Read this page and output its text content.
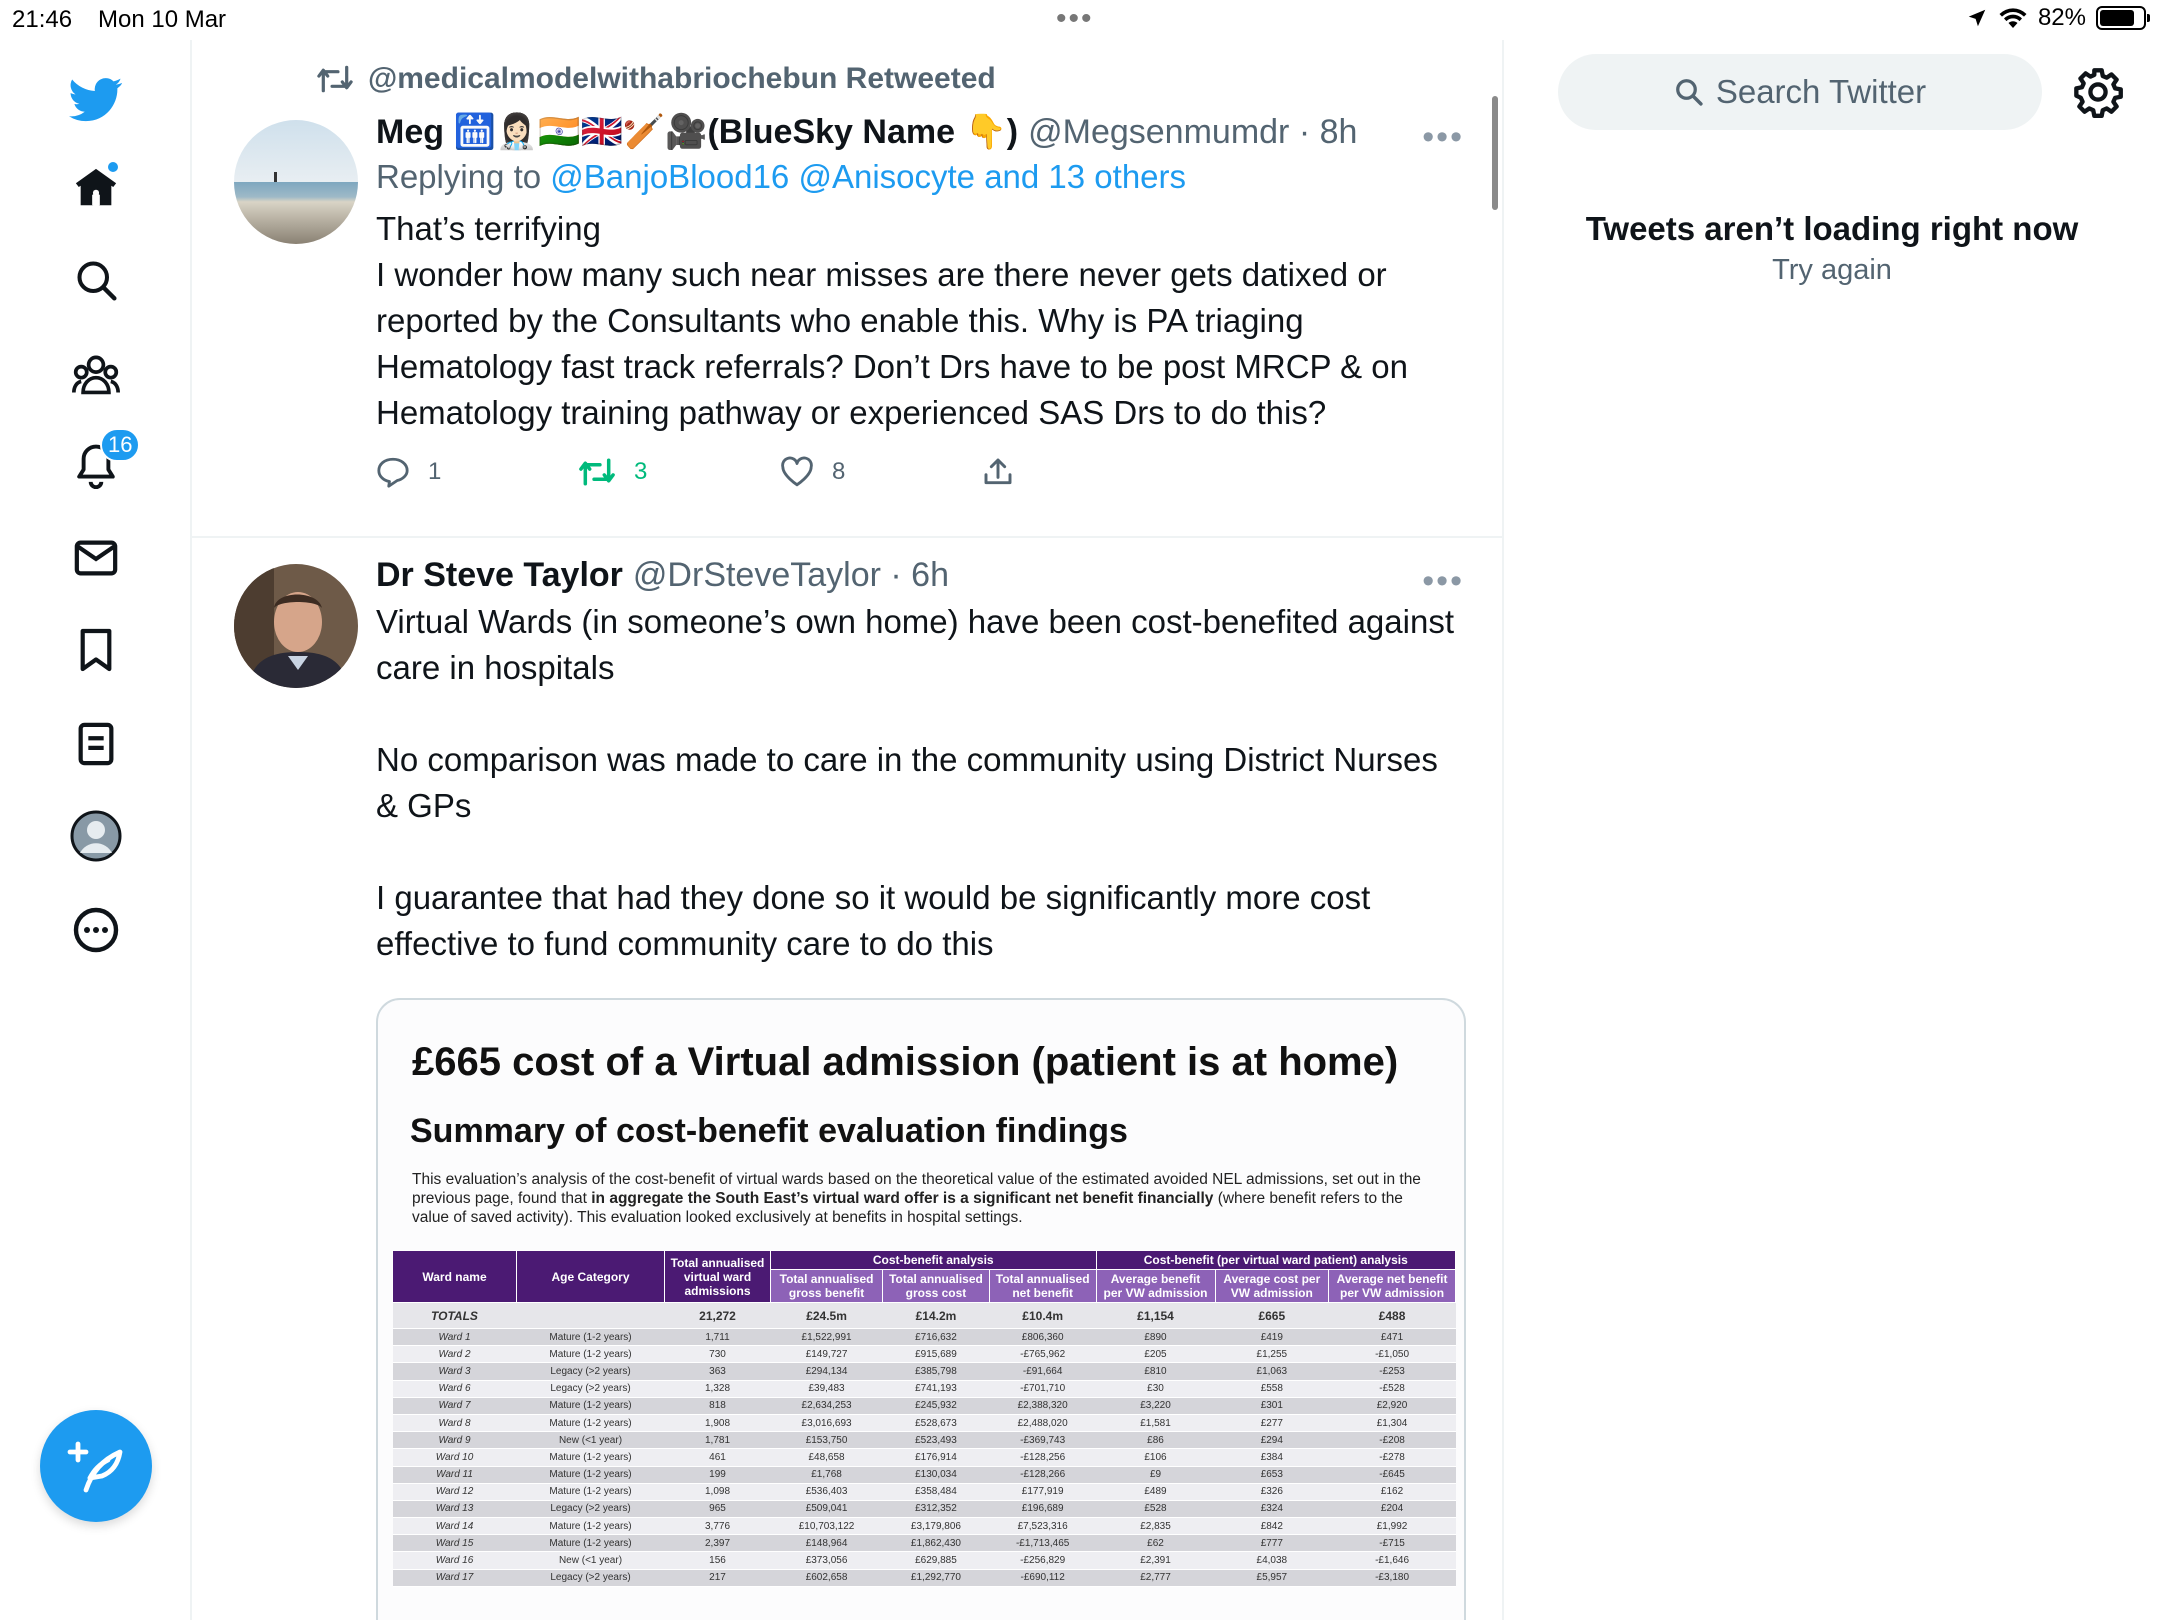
21:46 Mon 10 Mar	•••	82%
16
@medicalmodelwithabriochebun Retweeted
Meg 🛗👩🏻‍⚕️🇮🇳🇬🇧🏏🎥(BlueSky Name 👇) @Megsenmumdr · 8h
Replying to @BanjoBlood16 @Anisocyte and 13 others
That’s terrifying
I wonder how many such near misses are there never gets datixed or reported by the Consultants who enable this. Why is PA triaging Hematology fast track referrals? Don’t Drs have to be post MRCP & on Hematology training pathway or experienced SAS Drs to do this?
1	3	8
•••
Dr Steve Taylor @DrSteveTaylor · 6h
Virtual Wards (in someone’s own home) have been cost-benefited against care in hospitals

No comparison was made to care in the community using District Nurses & GPs

I guarantee that had they done so it would be significantly more cost effective to fund community care to do this
•••
£665 cost of a Virtual admission (patient is at home)
Summary of cost-benefit evaluation findings

This evaluation’s analysis of the cost-benefit of virtual wards based on the theoretical value of the estimated avoided NEL admissions, set out in the previous page, found that in aggregate the South East’s virtual ward offer is a significant net benefit financially (where benefit refers to the value of saved activity). This evaluation looked exclusively at benefits in hospital settings.

Ward name	Age Category	Total annualised virtual ward admissions	Cost-benefit analysis			Cost-benefit (per virtual ward patient) analysis		
			Total annualised gross benefit	Total annualised gross cost	Total annualised net benefit	Average benefit per VW admission	Average cost per VW admission	Average net benefit per VW admission
TOTALS		21,272	£24.5m	£14.2m	£10.4m	£1,154	£665	£488
Ward 1	Mature (1-2 years)	1,711	£1,522,991	£716,632	£806,360	£890	£419	£471
Ward 2	Mature (1-2 years)	730	£149,727	£915,689	-£765,962	£205	£1,255	-£1,050
Ward 3	Legacy (>2 years)	363	£294,134	£385,798	-£91,664	£810	£1,063	-£253
Ward 6	Legacy (>2 years)	1,328	£39,483	£741,193	-£701,710	£30	£558	-£528
Ward 7	Mature (1-2 years)	818	£2,634,253	£245,932	£2,388,320	£3,220	£301	£2,920
Ward 8	Mature (1-2 years)	1,908	£3,016,693	£528,673	£2,488,020	£1,581	£277	£1,304
Ward 9	New (<1 year)	1,781	£153,750	£523,493	-£369,743	£86	£294	-£208
Ward 10	Mature (1-2 years)	461	£48,658	£176,914	-£128,256	£106	£384	-£278
Ward 11	Mature (1-2 years)	199	£1,768	£130,034	-£128,266	£9	£653	-£645
Ward 12	Mature (1-2 years)	1,098	£536,403	£358,484	£177,919	£489	£326	£162
Ward 13	Legacy (>2 years)	965	£509,041	£312,352	£196,689	£528	£324	£204
Ward 14	Mature (1-2 years)	3,776	£10,703,122	£3,179,806	£7,523,316	£2,835	£842	£1,992
Ward 15	Mature (1-2 years)	2,397	£148,964	£1,862,430	-£1,713,465	£62	£777	-£715
Ward 16	New (<1 year)	156	£373,056	£629,885	-£256,829	£2,391	£4,038	-£1,646
Ward 17	Legacy (>2 years)	217	£602,658	£1,292,770	-£690,112	£2,777	£5,957	-£3,180
Search Twitter
Tweets aren’t loading right now
Try again
